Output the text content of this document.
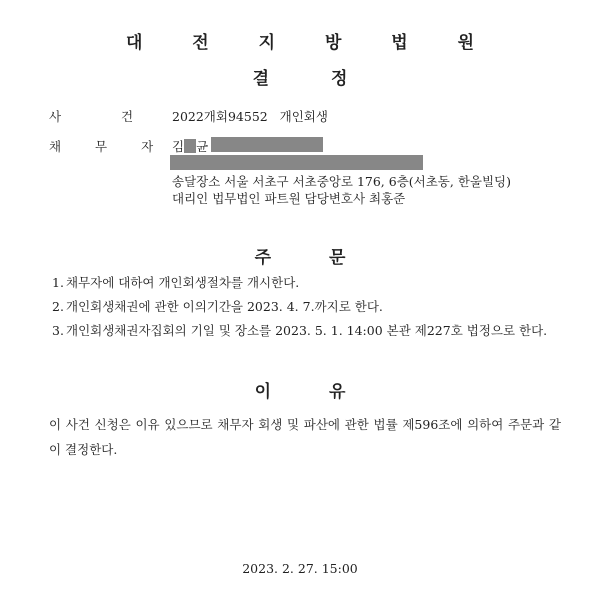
대 전 지 방 법 원
결 정
사 건	2022개회94552 개인회생
채 무 자 김 균
송달장소 서울 서초구 서초중앙로 176, 6층(서초동, 한울빌딩)
대리인 법무법인 파트원 담당변호사 최홍준
주 문
1. 채무자에 대하여 개인회생절차를 개시한다.
2. 개인회생채권에 관한 이의기간을 2023. 4. 7.까지로 한다.
3. 개인회생채권자집회의 기일 및 장소를 2023. 5. 1. 14:00 본관 제227호 법정으로 한다.
이 유
이 사건 신청은 이유 있으므로 채무자 회생 및 파산에 관한 법률 제596조에 의하여 주문과 같이 결정한다.
2023. 2. 27. 15:00
